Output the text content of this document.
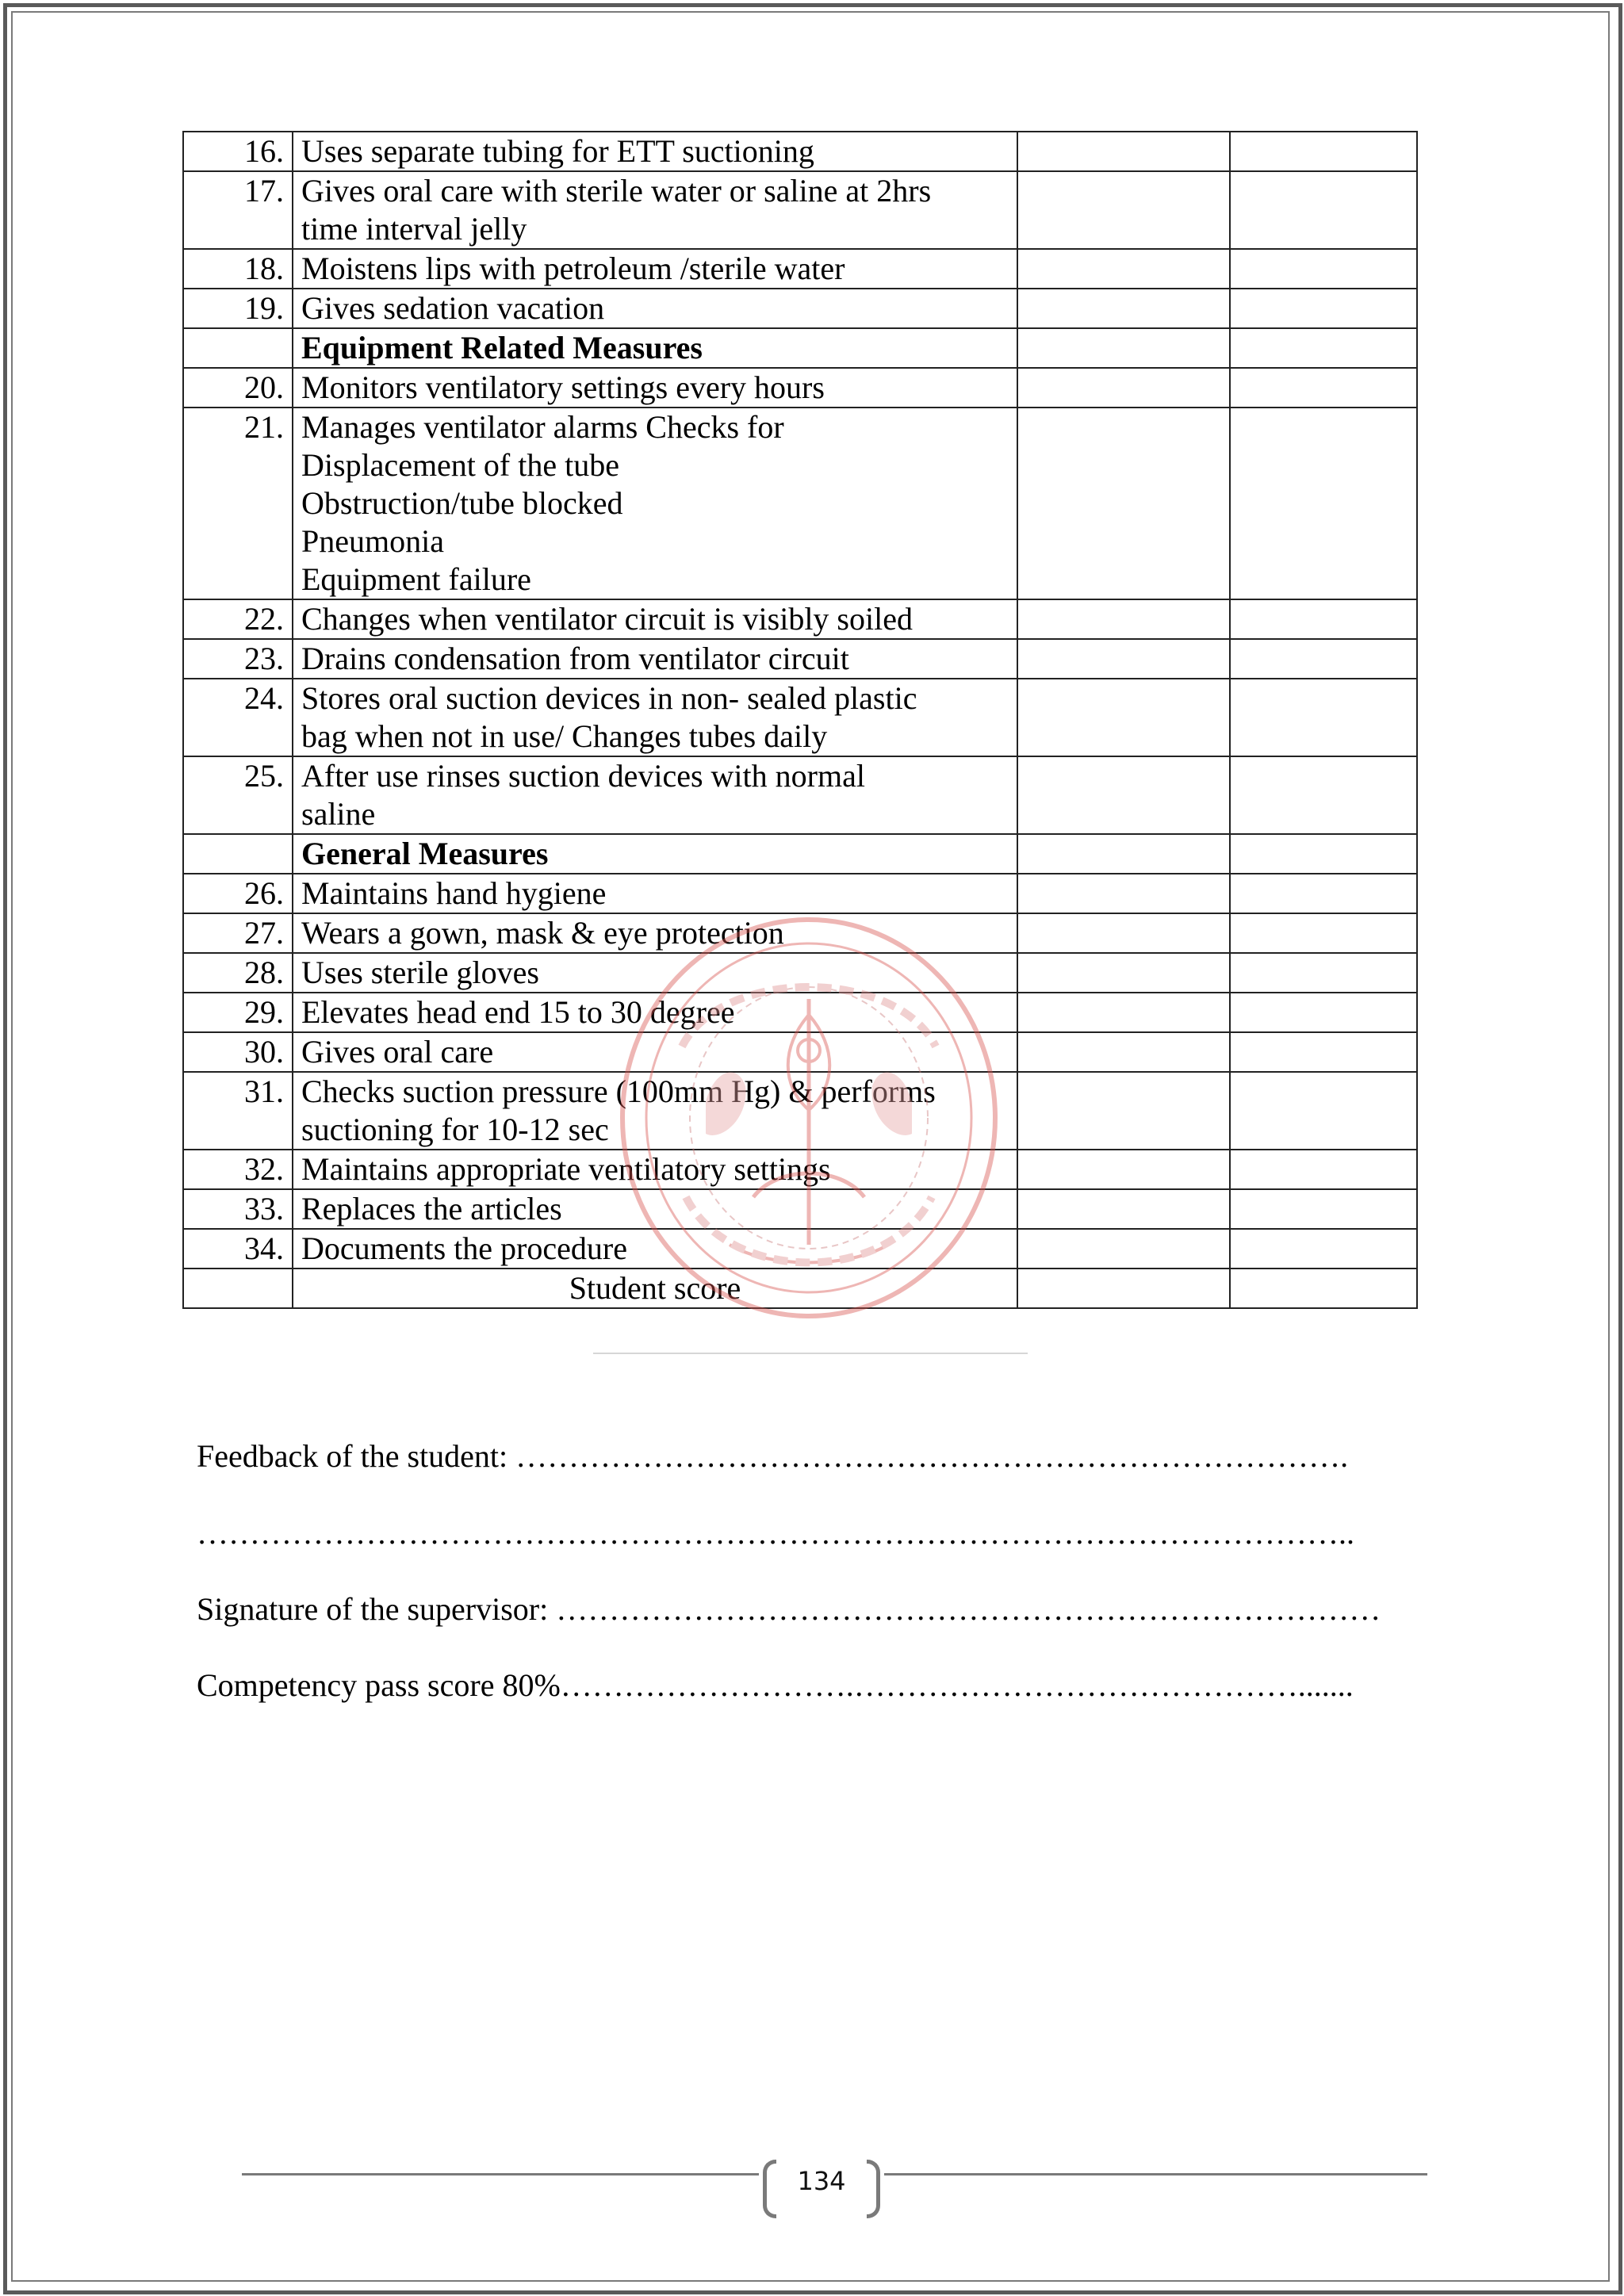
16.	Uses separate tubing for ETT suctioning		

17.	Gives oral care with sterile water or saline at 2hrs
time interval jelly		

18.	Moistens lips with petroleum /sterile water		

19.	Gives sedation vacation		

	Equipment Related Measures		

20.	Monitors ventilatory settings every hours		

21.	Manages ventilator alarms Checks for
Displacement of the tube
Obstruction/tube blocked
Pneumonia
Equipment failure		

22.	Changes when ventilator circuit is visibly soiled		

23.	Drains condensation from ventilator circuit		

24.	Stores oral suction devices in non- sealed plastic
bag when not in use/ Changes tubes daily		

25.	After use rinses suction devices with normal
saline		

	General Measures		

26.	Maintains hand hygiene		

27.	Wears a gown, mask & eye protection		

28.	Uses sterile gloves		

29.	Elevates head end 15 to 30 degree		

30.	Gives oral care		

31.	Checks suction pressure (100mm Hg) & performs
suctioning for 10-12 sec		

32.	Maintains appropriate ventilatory settings		

33.	Replaces the articles		

34.	Documents the procedure		

	Student score		

Feedback of the student: …………………………………………………………………….
………………………………………………………………………………………………..
Signature of the supervisor: ……………………………………………………………………
Competency pass score 80%……………………….…………………………………….......
134
